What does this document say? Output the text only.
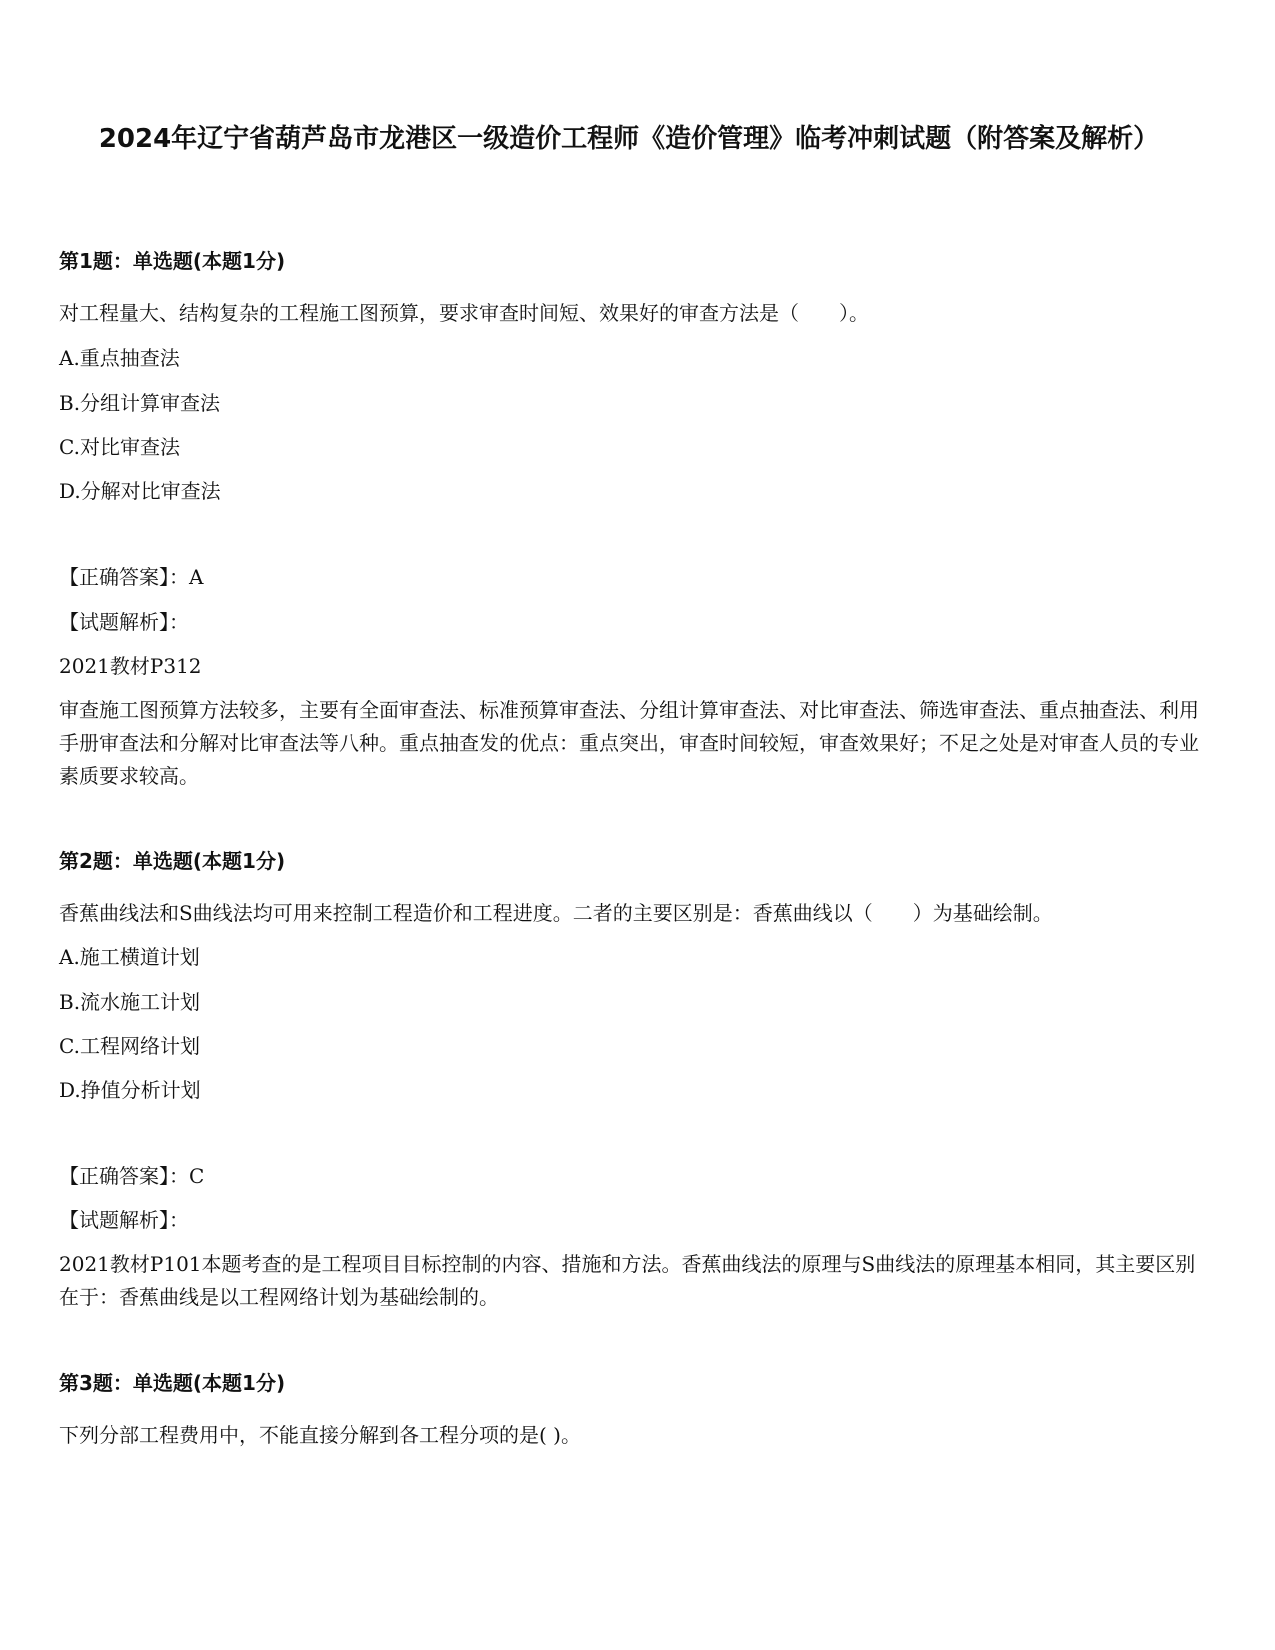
2024年辽宁省葫芦岛市龙港区一级造价工程师《造价管理》临考冲刺试题（附答案及解析）

第1题：单选题(本题1分)

对工程量大、结构复杂的工程施工图预算，要求审查时间短、效果好的审查方法是（　　）。

A.重点抽查法

B.分组计算审查法

C.对比审查法

D.分解对比审查法

【正确答案】：A

【试题解析】：

2021教材P312

审查施工图预算方法较多，主要有全面审查法、标准预算审查法、分组计算审查法、对比审查法、筛选审查法、重点抽查法、利用手册审查法和分解对比审查法等八种。重点抽查发的优点：重点突出，审查时间较短，审查效果好；不足之处是对审查人员的专业素质要求较高。

第2题：单选题(本题1分)

香蕉曲线法和S曲线法均可用来控制工程造价和工程进度。二者的主要区别是：香蕉曲线以（　　）为基础绘制。

A.施工横道计划

B.流水施工计划

C.工程网络计划

D.挣值分析计划

【正确答案】：C

【试题解析】：

2021教材P101本题考查的是工程项目目标控制的内容、措施和方法。香蕉曲线法的原理与S曲线法的原理基本相同，其主要区别在于：香蕉曲线是以工程网络计划为基础绘制的。

第3题：单选题(本题1分)

下列分部工程费用中，不能直接分解到各工程分项的是( )。
